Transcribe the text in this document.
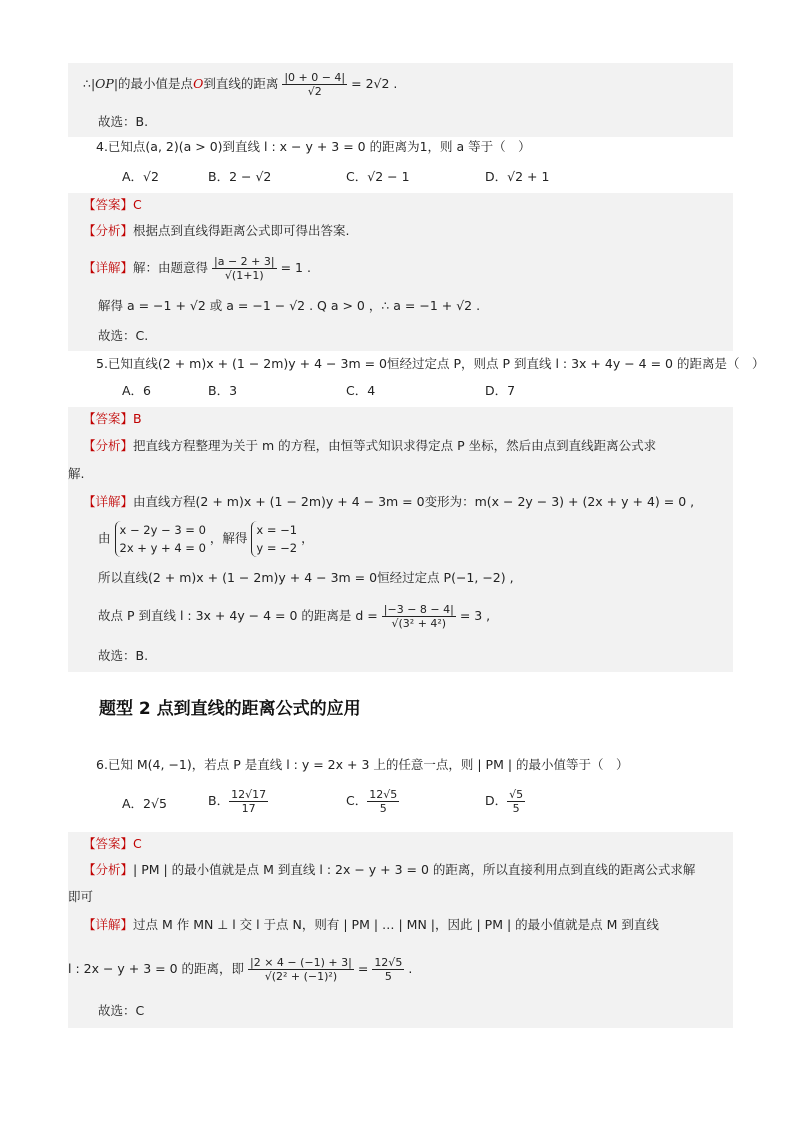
∴|OP|的最小值是点O到直线的距离 $\frac{|0 + 0 - 4|}{√2} = 2√2$ .
故选：B.
4.已知点(a, 2)(a > 0)到直线 l : x − y + 3 = 0 的距离为1，则 a 等于（　）
A．√2	B．2 − √2	C．√2 − 1	D．√2 + 1
【答案】C
【分析】根据点到直线得距离公式即可得出答案.
【详解】解：由题意得 $\frac{|a - 2 + 3|}{√(1+1)} = 1$ .
解得 a = −1 + √2 或 a = −1 − √2 . Q a > 0 ，∴ a = −1 + √2 .
故选：C.
5.已知直线(2 + m)x + (1 − 2m)y + 4 − 3m = 0恒经过定点 P，则点 P 到直线 l : 3x + 4y − 4 = 0 的距离是（　）
A．6	B．3	C．4	D．7
【答案】B
【分析】把直线方程整理为关于 m 的方程，由恒等式知识求得定点 P 坐标，然后由点到直线距离公式求
解.
【详解】由直线方程(2 + m)x + (1 − 2m)y + 4 − 3m = 0变形为：m(x − 2y − 3) + (2x + y + 4) = 0 ,
由
x − 2y − 3 = 0
2x + y + 4 = 0
，解得
x = −1
y = −2
，
所以直线(2 + m)x + (1 − 2m)y + 4 − 3m = 0恒经过定点 P(−1, −2) ,
故点 P 到直线 l : 3x + 4y − 4 = 0 的距离是 $d = \frac{|-3 - 8 - 4|}{\text{√(3² + 4²)}} = 3$ ,
故选：B.
题型 2 点到直线的距离公式的应用
6.已知 M(4, −1)，若点 P 是直线 l : y = 2x + 3 上的任意一点，则 | PM | 的最小值等于（　）
A．2√5	B． $\frac{12√17}{17}$	C． $\frac{12√5}{5}$	D． $\frac{√5}{5}$
【答案】C
【分析】| PM | 的最小值就是点 M 到直线 l : 2x − y + 3 = 0 的距离，所以直接利用点到直线的距离公式求解
即可
【详解】过点 M 作 MN ⊥ l 交 l 于点 N，则有 | PM | … | MN |，因此 | PM | 的最小值就是点 M 到直线
l : 2x − y + 3 = 0 的距离，即 $\frac{|2 \times 4 - (-1) + 3|}{\text{√(2² + (−1)²)}} = \frac{12√5}{5}$ .
故选：C
